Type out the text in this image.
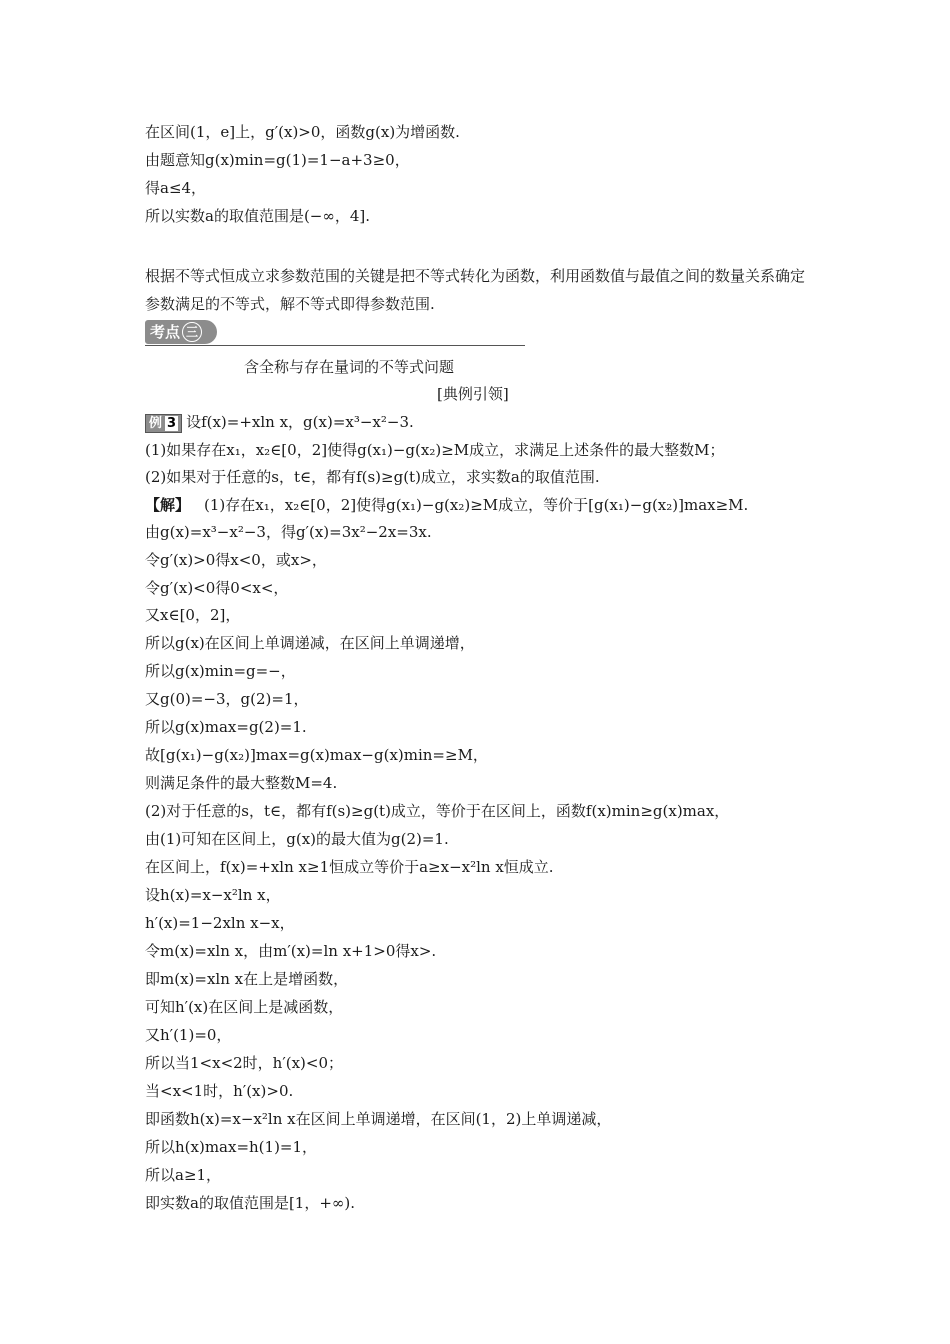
在区间(1，e]上，g′(x)>0，函数g(x)为增函数.
由题意知g(x)min=g(1)=1−a+3≥0，
得a≤4，
所以实数a的取值范围是(−∞，4].
根据不等式恒成立求参数范围的关键是把不等式转化为函数，利用函数值与最值之间的数量关系确定参数满足的不等式，解不等式即得参数范围.
考点 三
含全称与存在量词的不等式问题
[典例引领]
例 3 设f(x)=+xln x，g(x)=x³−x²−3.
(1)如果存在x₁，x₂∈[0，2]使得g(x₁)−g(x₂)≥M成立，求满足上述条件的最大整数M；
(2)如果对于任意的s，t∈，都有f(s)≥g(t)成立，求实数a的取值范围.
【解】 (1)存在x₁，x₂∈[0，2]使得g(x₁)−g(x₂)≥M成立，等价于[g(x₁)−g(x₂)]max≥M.
由g(x)=x³−x²−3，得g′(x)=3x²−2x=3x.
令g′(x)>0得x<0，或x>，
令g′(x)<0得0<x<，
又x∈[0，2]，
所以g(x)在区间上单调递减，在区间上单调递增，
所以g(x)min=g=−，
又g(0)=−3，g(2)=1，
所以g(x)max=g(2)=1.
故[g(x₁)−g(x₂)]max=g(x)max−g(x)min=≥M，
则满足条件的最大整数M=4.
(2)对于任意的s，t∈，都有f(s)≥g(t)成立，等价于在区间上，函数f(x)min≥g(x)max，
由(1)可知在区间上，g(x)的最大值为g(2)=1.
在区间上，f(x)=+xln x≥1恒成立等价于a≥x−x²ln x恒成立.
设h(x)=x−x²ln x，
h′(x)=1−2xln x−x，
令m(x)=xln x，由m′(x)=ln x+1>0得x>.
即m(x)=xln x在上是增函数，
可知h′(x)在区间上是减函数，
又h′(1)=0，
所以当1<x<2时，h′(x)<0；
当<x<1时，h′(x)>0.
即函数h(x)=x−x²ln x在区间上单调递增，在区间(1，2)上单调递减，
所以h(x)max=h(1)=1，
所以a≥1，
即实数a的取值范围是[1，+∞).
